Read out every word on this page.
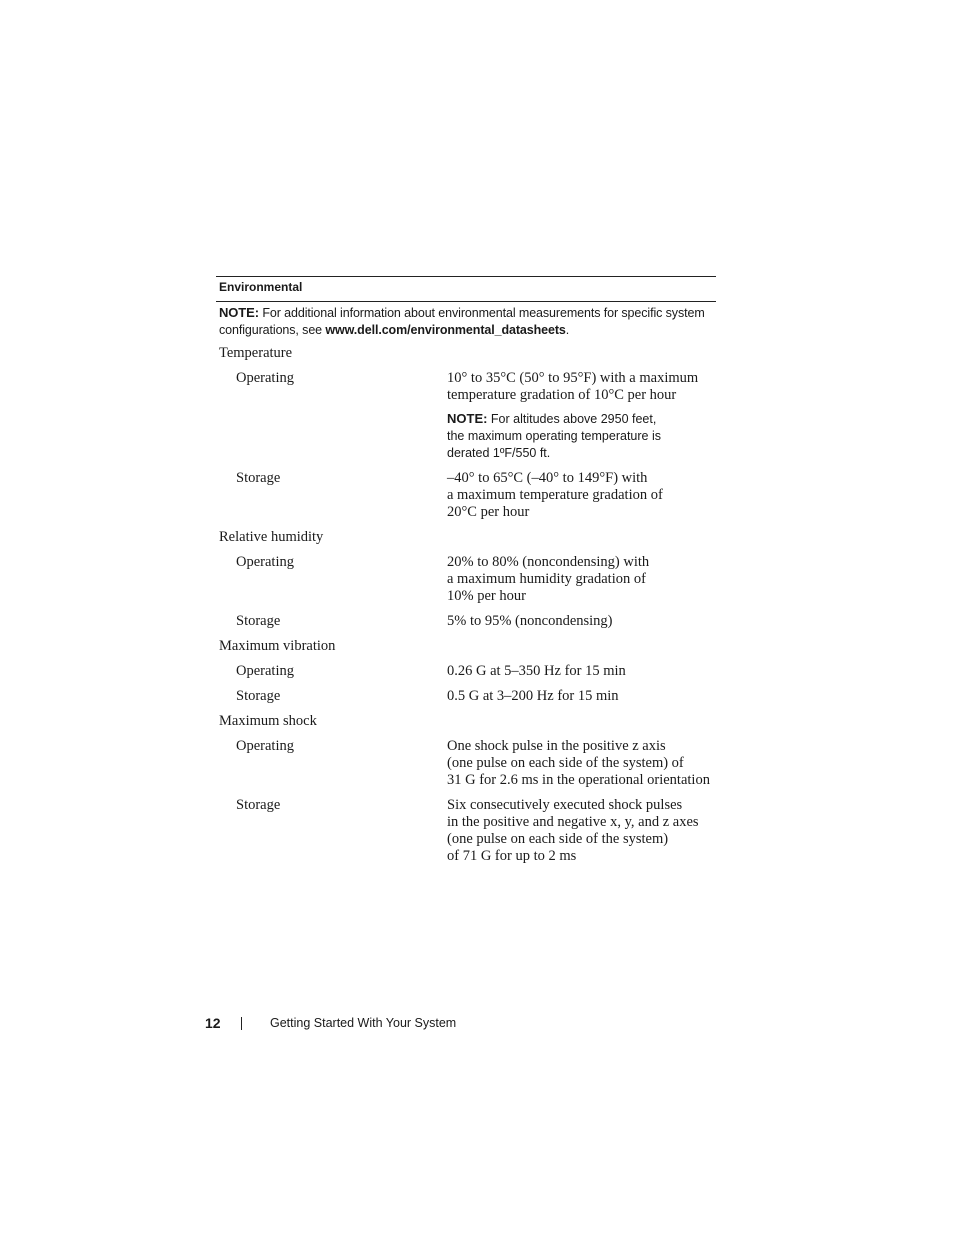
Environmental
NOTE: For additional information about environmental measurements for specific system configurations, see www.dell.com/environmental_datasheets.
Temperature
Operating	10° to 35°C (50° to 95°F) with a maximum
temperature gradation of 10°C per hour
NOTE: For altitudes above 2950 feet,
the maximum operating temperature is
derated 1ºF/550 ft.
Storage	–40° to 65°C (–40° to 149°F) with
a maximum temperature gradation of
20°C per hour
Relative humidity
Operating	20% to 80% (noncondensing) with
a maximum humidity gradation of
10% per hour
Storage	5% to 95% (noncondensing)
Maximum vibration
Operating	0.26 G at 5–350 Hz for 15 min
Storage	0.5 G at 3–200 Hz for 15 min
Maximum shock
Operating	One shock pulse in the positive z axis
(one pulse on each side of the system) of
31 G for 2.6 ms in the operational orientation
Storage	Six consecutively executed shock pulses
in the positive and negative x, y, and z axes
(one pulse on each side of the system)
of 71 G for up to 2 ms
12	Getting Started With Your System
